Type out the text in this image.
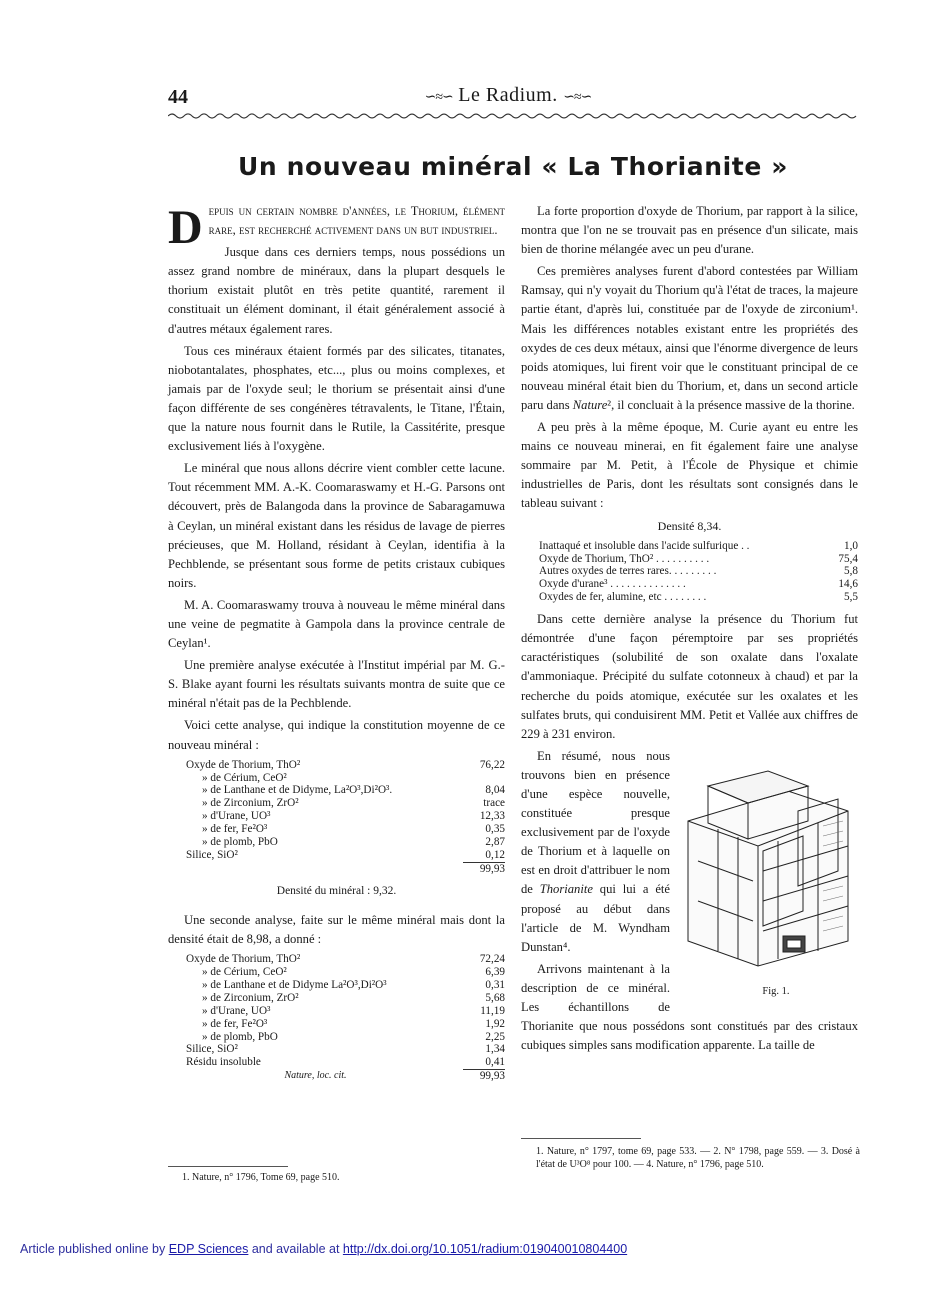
44	∽≈∽ Le Radium. ∽≈∽
Un nouveau minéral « La Thorianite »

Depuis un certain nombre d'années, le Thorium, élément rare, est recherché activement dans un but industriel.

Jusque dans ces derniers temps, nous possédions un assez grand nombre de minéraux, dans la plupart desquels le thorium existait plutôt en très petite quantité, rarement il constituait un élément dominant, il était généralement associé à d'autres métaux également rares.

Tous ces minéraux étaient formés par des silicates, titanates, niobotantalates, phosphates, etc..., plus ou moins complexes, et jamais par de l'oxyde seul; le thorium se présentait ainsi d'une façon différente de ses congénères tétravalents, le Titane, l'Étain, que la nature nous fournit dans le Rutile, la Cassitérite, presque exclusivement liés à l'oxygène.

Le minéral que nous allons décrire vient combler cette lacune. Tout récemment MM. A.-K. Coomaraswamy et H.-G. Parsons ont découvert, près de Balangoda dans la province de Sabaragamuwa à Ceylan, un minéral existant dans les résidus de lavage de pierres précieuses, que M. Holland, résidant à Ceylan, identifia à la Pechblende, se présentant sous forme de petits cristaux cubiques noirs.

M. A. Coomaraswamy trouva à nouveau le même minéral dans une veine de pegmatite à Gampola dans la province centrale de Ceylan¹.

Une première analyse exécutée à l'Institut impérial par M. G.-S. Blake ayant fourni les résultats suivants montra de suite que ce minéral n'était pas de la Pechblende.

Voici cette analyse, qui indique la constitution moyenne de ce nouveau minéral :

Oxyde de Thorium, ThO²	76,22
» de Cérium, CeO²	
» de Lanthane et de Didyme, La²O³,Di²O³.	8,04
» de Zirconium, ZrO²	trace
» d'Urane, UO³	12,33
» de fer, Fe²O³	0,35
» de plomb, PbO	2,87
Silice, SiO²	0,12
	99,93
Densité du minéral : 9,32.

Une seconde analyse, faite sur le même minéral mais dont la densité était de 8,98, a donné :

Oxyde de Thorium, ThO²	72,24
» de Cérium, CeO²	6,39
» de Lanthane et de Didyme La²O³,Di²O³	0,31
» de Zirconium, ZrO²	5,68
» d'Urane, UO³	11,19
» de fer, Fe²O³	1,92
» de plomb, PbO	2,25
Silice, SiO²	1,34
Résidu insoluble	0,41
Nature, loc. cit.	99,93
1. Nature, n° 1796, Tome 69, page 510.

La forte proportion d'oxyde de Thorium, par rapport à la silice, montra que l'on ne se trouvait pas en présence d'un silicate, mais bien de thorine mélangée avec un peu d'urane.

Ces premières analyses furent d'abord contestées par William Ramsay, qui n'y voyait du Thorium qu'à l'état de traces, la majeure partie étant, d'après lui, constituée par de l'oxyde de zirconium¹. Mais les différences notables existant entre les propriétés des oxydes de ces deux métaux, ainsi que l'énorme divergence de leurs poids atomiques, lui firent voir que le constituant principal de ce nouveau minéral était bien du Thorium, et, dans un second article paru dans Nature², il concluait à la présence massive de la thorine.

A peu près à la même époque, M. Curie ayant eu entre les mains ce nouveau minerai, en fit également faire une analyse sommaire par M. Petit, à l'École de Physique et chimie industrielles de Paris, dont les résultats sont consignés dans le tableau suivant :

Densité 8,34.
Inattaqué et insoluble dans l'acide sulfurique . .	1,0
Oxyde de Thorium, ThO² . . . . . . . . . .	75,4
Autres oxydes de terres rares. . . . . . . . .	5,8
Oxyde d'urane³ . . . . . . . . . . . . . .	14,6
Oxydes de fer, alumine, etc . . . . . . . .	5,5

Dans cette dernière analyse la présence du Thorium fut démontrée d'une façon péremptoire par ses propriétés caractéristiques (solubilité de son oxalate dans l'oxalate d'ammoniaque. Précipité du sulfate cotonneux à chaud) et par la recherche du poids atomique, exécutée sur les oxalates et les sulfates bruts, qui conduisirent MM. Petit et Vallée aux chiffres de 229 à 231 environ.

Fig. 1.
En résumé, nous nous trouvons bien en présence d'une espèce nouvelle, constituée presque exclusivement par de l'oxyde de Thorium et à laquelle on est en droit d'attribuer le nom de Thorianite qui lui a été proposé au début dans l'article de M. Wyndham Dunstan⁴.

Arrivons maintenant à la description de ce minéral. Les échantillons de Thorianite que nous possédons sont constitués par des cristaux cubiques simples sans modification apparente. La taille de

1. Nature, n° 1797, tome 69, page 533. — 2. N° 1798, page 559. — 3. Dosé à l'état de U³O⁸ pour 100. — 4. Nature, n° 1796, page 510.
Article published online by EDP Sciences and available at http://dx.doi.org/10.1051/radium:019040010804400
